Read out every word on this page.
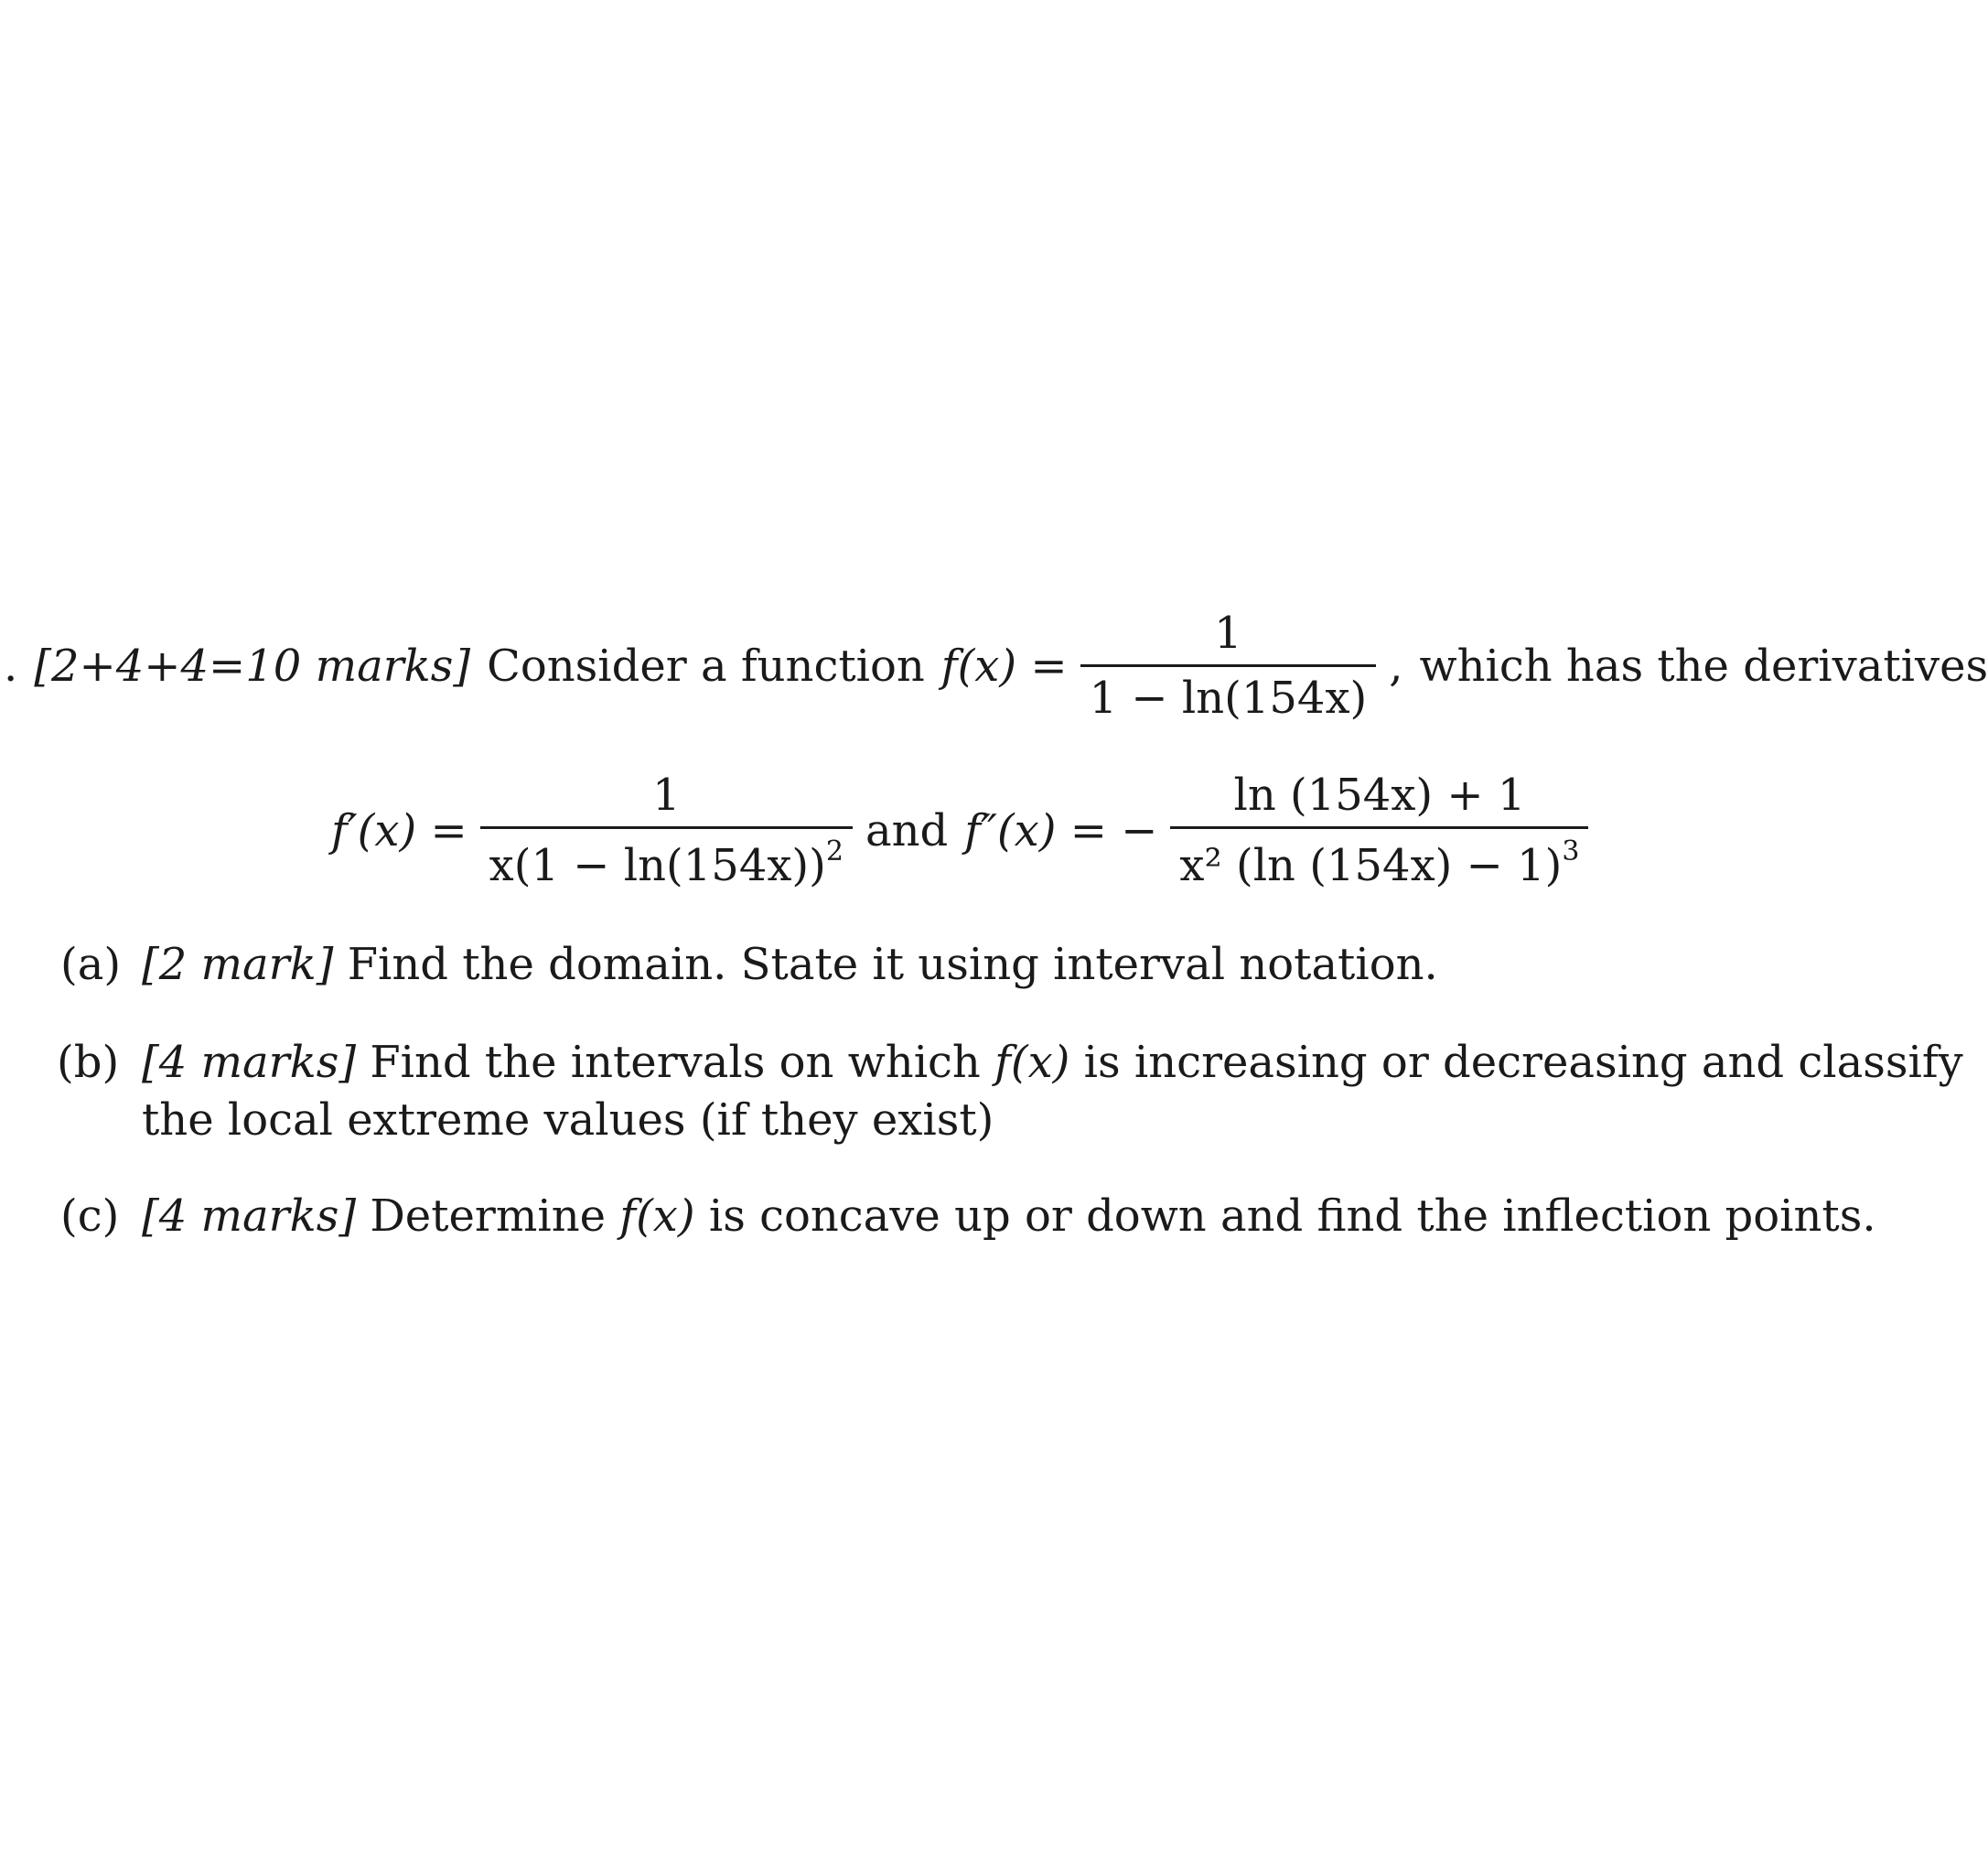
. [2+4+4=10 marks] Consider a function $f(x) = \frac{1}{1 - \ln(154x)}$ , which has the derivatives
$f'(x) = \frac{1}{x(1 - \ln(154x))^2}$ and f″(x) = − $\frac{\ln (154x) + 1}{x^2 (\ln (154x) - 1)^3}$
(a) [2 mark] Find the domain. State it using interval notation.
(b) [4 marks] Find the intervals on which f(x) is increasing or decreasing and classify
the local extreme values (if they exist)
(c) [4 marks] Determine f(x) is concave up or down and find the inflection points.
